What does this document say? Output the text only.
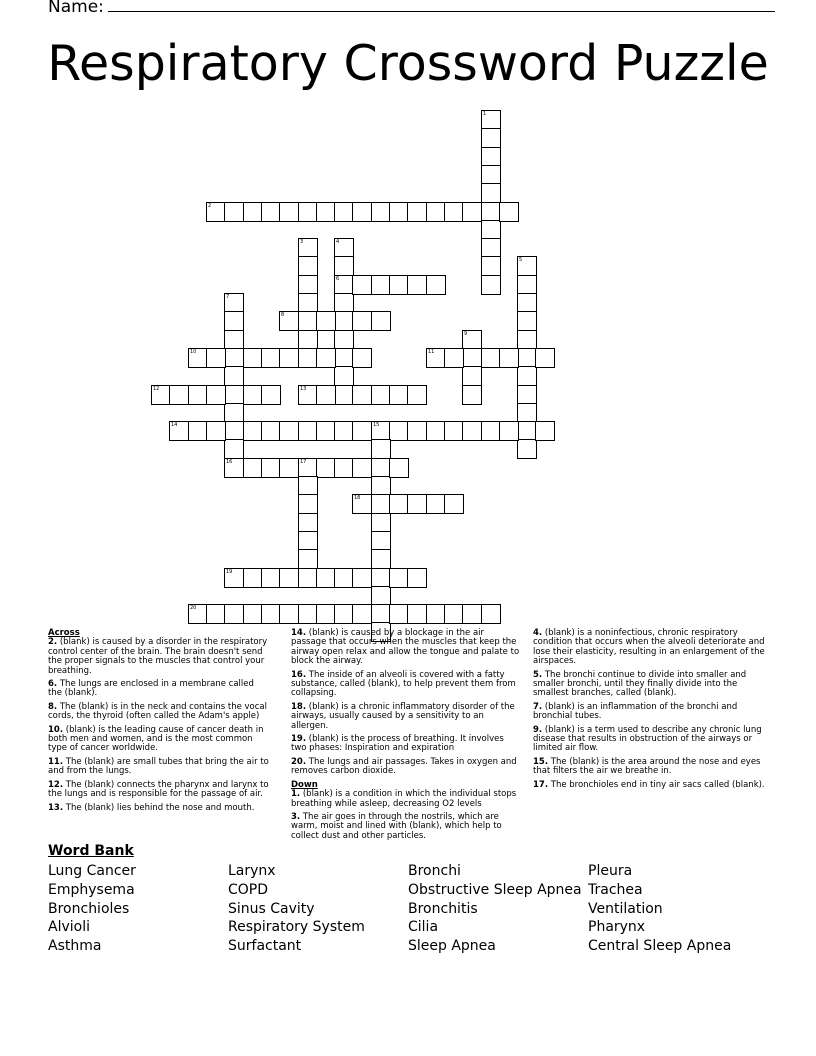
Name:
Respiratory Crossword Puzzle
1
2
3	4
6
5
7
8
9
10	11
12	13
14	15
16	17
18
19
20
Across
2. (blank) is caused by a disorder in the respiratory control center of the brain. The brain doesn't send the proper signals to the muscles that control your breathing.
6. The lungs are enclosed in a membrane called the (blank).
8. The (blank) is in the neck and contains the vocal cords, the thyroid (often called the Adam's apple)
10. (blank) is the leading cause of cancer death in both men and women, and is the most common type of cancer worldwide.
11. The (blank) are small tubes that bring the air to and from the lungs.
12. The (blank) connects the pharynx and larynx to the lungs and is responsible for the passage of air.
13. The (blank) lies behind the nose and mouth.
14. (blank) is caused by a blockage in the air passage that occurs when the muscles that keep the airway open relax and allow the tongue and palate to block the airway.
16. The inside of an alveoli is covered with a fatty substance, called (blank), to help prevent them from collapsing.
18. (blank) is a chronic inflammatory disorder of the airways, usually caused by a sensitivity to an allergen.
19. (blank) is the process of breathing. It involves two phases: Inspiration and expiration
20. The lungs and air passages. Takes in oxygen and removes carbon dioxide.
Down
1. (blank) is a condition in which the individual stops breathing while asleep, decreasing O2 levels
3. The air goes in through the nostrils, which are warm, moist and lined with (blank), which help to collect dust and other particles.
4. (blank) is a noninfectious, chronic respiratory condition that occurs when the alveoli deteriorate and lose their elasticity, resulting in an enlargement of the airspaces.
5. The bronchi continue to divide into smaller and smaller bronchi, until they finally divide into the smallest branches, called (blank).
7. (blank) is an inflammation of the bronchi and bronchial tubes.
9. (blank) is a term used to describe any chronic lung disease that results in obstruction of the airways or limited air flow.
15. The (blank) is the area around the nose and eyes that filters the air we breathe in.
17. The bronchioles end in tiny air sacs called (blank).
Word Bank
Lung Cancer
Emphysema
Bronchioles
Alvioli
Asthma
Larynx
COPD
Sinus Cavity
Respiratory System
Surfactant
Bronchi
Obstructive Sleep Apnea
Bronchitis
Cilia
Sleep Apnea
Pleura
Trachea
Ventilation
Pharynx
Central Sleep Apnea
